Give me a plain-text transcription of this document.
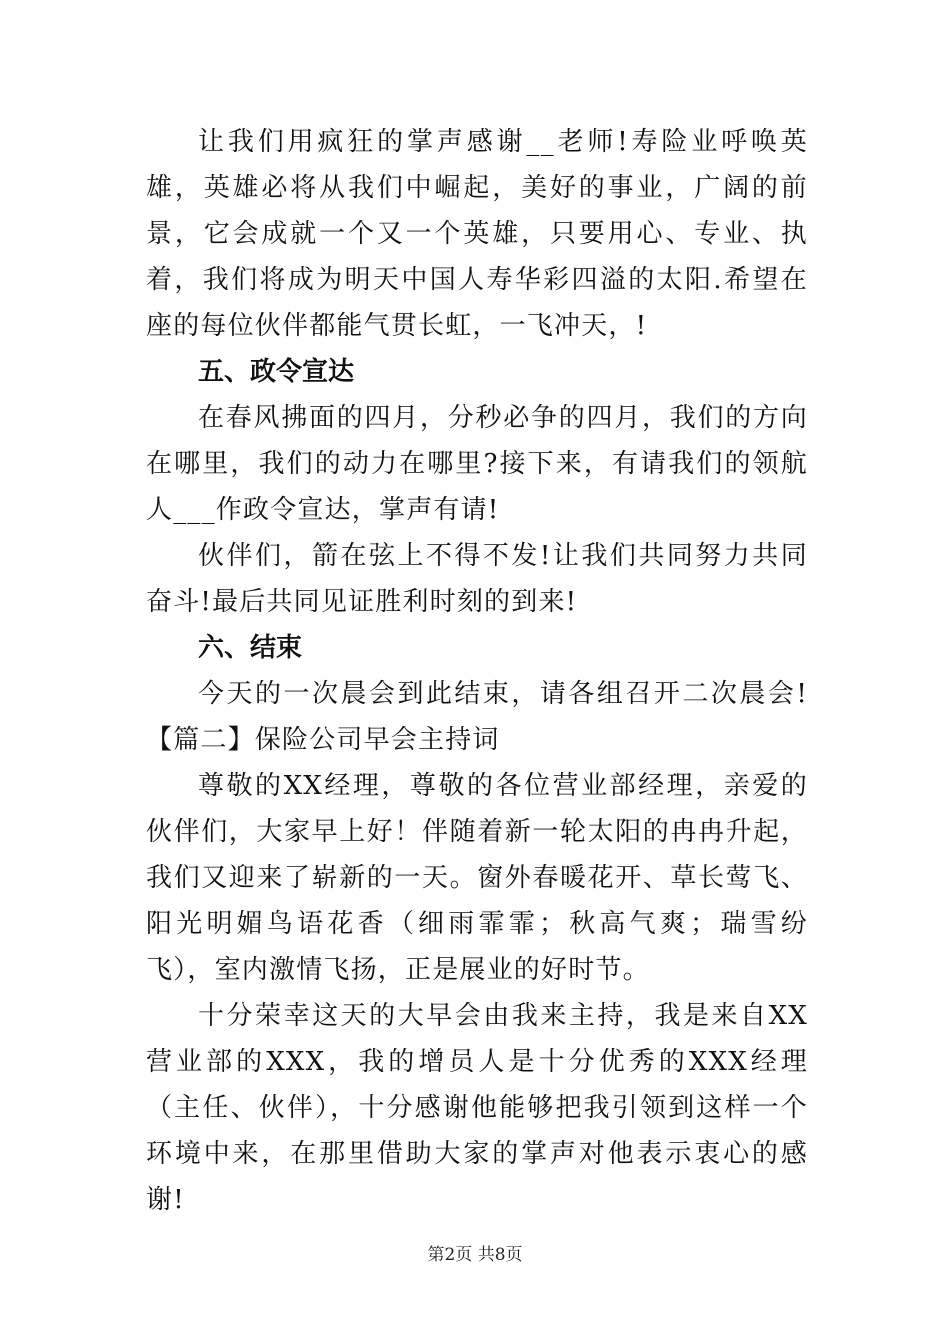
让我们用疯狂的掌声感谢__老师!寿险业呼唤英雄，英雄必将从我们中崛起，美好的事业，广阔的前景，它会成就一个又一个英雄，只要用心、专业、执着，我们将成为明天中国人寿华彩四溢的太阳.希望在座的每位伙伴都能气贯长虹，一飞冲天，!

五、政令宣达

在春风拂面的四月，分秒必争的四月，我们的方向在哪里，我们的动力在哪里?接下来，有请我们的领航人___作政令宣达，掌声有请!

伙伴们，箭在弦上不得不发!让我们共同努力共同奋斗!最后共同见证胜利时刻的到来!

六、结束

今天的一次晨会到此结束，请各组召开二次晨会!【篇二】保险公司早会主持词

尊敬的XX经理，尊敬的各位营业部经理，亲爱的伙伴们，大家早上好！伴随着新一轮太阳的冉冉升起，我们又迎来了崭新的一天。窗外春暖花开、草长莺飞、阳光明媚鸟语花香（细雨霏霏；秋高气爽；瑞雪纷飞），室内激情飞扬，正是展业的好时节。

十分荣幸这天的大早会由我来主持，我是来自XX营业部的XXX，我的增员人是十分优秀的XXX经理（主任、伙伴），十分感谢他能够把我引领到这样一个环境中来，在那里借助大家的掌声对他表示衷心的感谢!

第2页 共8页
